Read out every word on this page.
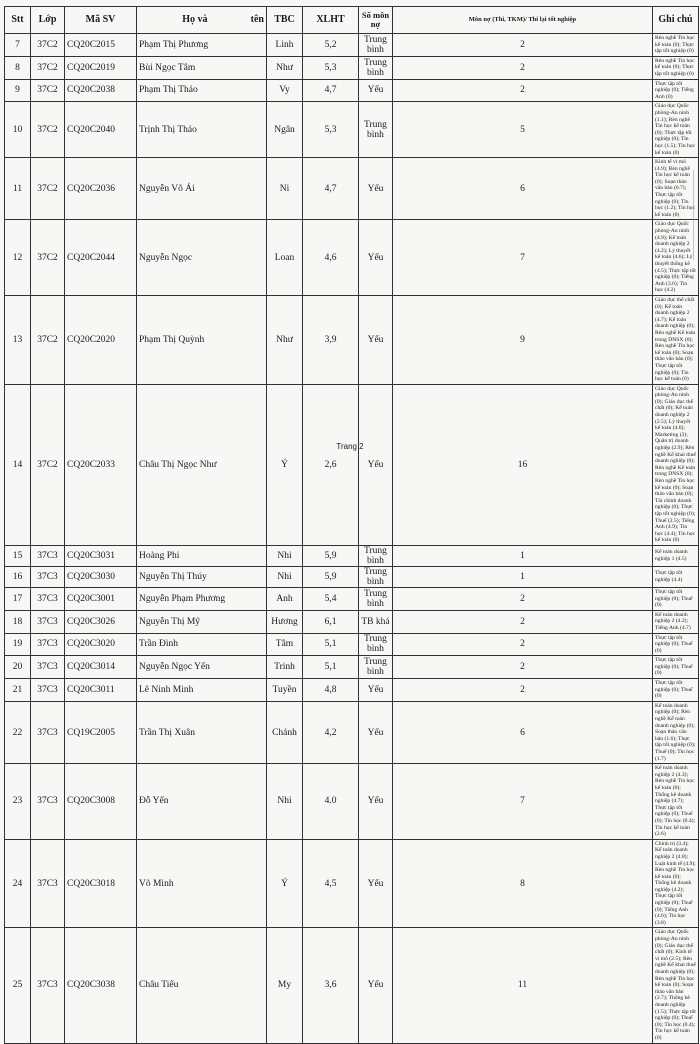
Stt	Lớp	Mã SV	Họ và tên	TBC	XLHT	Số môn nợ	Môn nợ (Thi, TKM)/ Thi lại tốt nghiệp	Ghi chú	
7	37C2	CQ20C2015	Phạm Thị Phương	Linh	5,2	Trung bình	2	Rèn nghề Tin học kế toán (0); Thực tập tốt nghiệp (0)	
8	37C2	CQ20C2019	Bùi Ngọc Tâm	Như	5,3	Trung bình	2	Rèn nghề Tin học kế toán (0); Thực tập tốt nghiệp (0)	
9	37C2	CQ20C2038	Phạm Thị Thảo	Vy	4,7	Yếu	2	Thực tập tốt nghiệp (0); Tiếng Anh (0)	
10	37C2	CQ20C2040	Trịnh Thị Thảo	Ngân	5,3	Trung bình	5	Giáo dục Quốc phòng-An ninh (1.1); Rèn nghề Tin học kế toán (0); Thực tập tốt nghiệp (0); Tin học (1.5); Tin học kế toán (0)	
11	37C2	CQ20C2036	Nguyễn Võ Ái	Ni	4,7	Yếu	6	Kinh tế vi mô (4.9); Rèn nghề Tin học kế toán (0); Soạn thảo văn bản (0.7); Thực tập tốt nghiệp (0); Tin học (1.2); Tin học kế toán (0)	
12	37C2	CQ20C2044	Nguyễn Ngọc	Loan	4,6	Yếu	7	Giáo dục Quốc phòng-An ninh (4.9); Kế toán doanh nghiệp 2 (4.2); Lý thuyết kế toán (4.6); Lý thuyết thống kê (4.5); Thực tập tốt nghiệp (0); Tiếng Anh (3.6); Tin học (4.2)	
13	37C2	CQ20C2020	Phạm Thị Quỳnh	Như	3,9	Yếu	9	Giáo dục thể chất (0); Kế toán doanh nghiệp 2 (4.7); Kế toán doanh nghiệp (0); Rèn nghề Kế toán trong DNSX (0); Rèn nghề Tin học kế toán (0); Soạn thảo văn bản (0); Thực tập tốt nghiệp (0); Tin học kế toán (0)	
14	37C2	CQ20C2033	Châu Thị Ngọc Như	Ý	2,6	Yếu	16	Giáo dục Quốc phòng-An ninh (0); Giáo dục thể chất (0); Kế toán doanh nghiệp 2 (2.5); Lý thuyết kế toán (4.6); Marketing (3); Quản trị doanh nghiệp (2.9); Rèn nghề Kế khai thuế doanh nghiệp (0); Rèn nghề Kế toán trong DNSX (0); Rèn nghề Tin học kế toán (0); Soạn thảo văn bản (0); Tài chính doanh nghiệp (0); Thực tập tốt nghiệp (0); Thuế (2.5); Tiếng Anh (4.9); Tin học (4.4); Tin học kế toán (0)	
15	37C3	CQ20C3031	Hoàng Phi	Nhi	5,9	Trung bình	1	Kế toán doanh nghiệp 1 (4.5)	
16	37C3	CQ20C3030	Nguyễn Thị Thúy	Nhi	5,9	Trung bình	1	Thực tập tốt nghiệp (4.4)	
17	37C3	CQ20C3001	Nguyễn Phạm Phương	Anh	5,4	Trung bình	2	Thực tập tốt nghiệp (0); Thuế (0)	
18	37C3	CQ20C3026	Nguyễn Thị Mỹ	Hương	6,1	TB khá	2	Kế toán doanh nghiệp 2 (4.2); Tiếng Anh (4.7)	
19	37C3	CQ20C3020	Trần Đình	Tâm	5,1	Trung bình	2	Thực tập tốt nghiệp (0); Thuế (0)	
20	37C3	CQ20C3014	Nguyễn Ngọc Yến	Trinh	5,1	Trung bình	2	Thực tập tốt nghiệp (0); Thuế (0)	
21	37C3	CQ20C3011	Lê Ninh Minh	Tuyền	4,8	Yếu	2	Thực tập tốt nghiệp (0); Thuế (0)	
22	37C3	CQ19C2005	Trần Thị Xuân	Chánh	4,2	Yếu	6	Kế toán doanh nghiệp (0); Rèn nghề Kế toán doanh nghiệp (0); Soạn thảo văn bản (1.6); Thực tập tốt nghiệp (0); Thuế (0); Tin học (1.7)	
23	37C3	CQ20C3008	Đỗ Yến	Nhi	4.0	Yếu	7	Kế toán doanh nghiệp 2 (4.3); Rèn nghề Tin học kế toán (0); Thống kê doanh nghiệp (4.7); Thực tập tốt nghiệp (0); Thuế (0); Tin học (0.4); Tin học kế toán (2.6)	
24	37C3	CQ20C3018	Võ Minh	Ý	4,5	Yếu	8	Chính trị (3.4); Kế toán doanh nghiệp 2 (4.8); Luật kinh tế (4.9); Rèn nghề Tin học kế toán (0); Thống kê doanh nghiệp (4.2); Thực tập tốt nghiệp (0); Thuế (0); Tiếng Anh (4.6); Tin học (3.8)	
25	37C3	CQ20C3038	Châu Tiểu	My	3,6	Yếu	11	Giáo dục Quốc phòng-An ninh (0); Giáo dục thể chất (0); Kinh tế vi mô (2.5); Rèn nghề Kế khai thuế doanh nghiệp (0); Rèn nghề Tin học kế toán (0); Soạn thảo văn bản (2.7); Thống kê doanh nghiệp (1.5); Thực tập tốt nghiệp (0); Thuế (0); Tin học (0.4); Tin học kế toán (0)	
Trang 2
